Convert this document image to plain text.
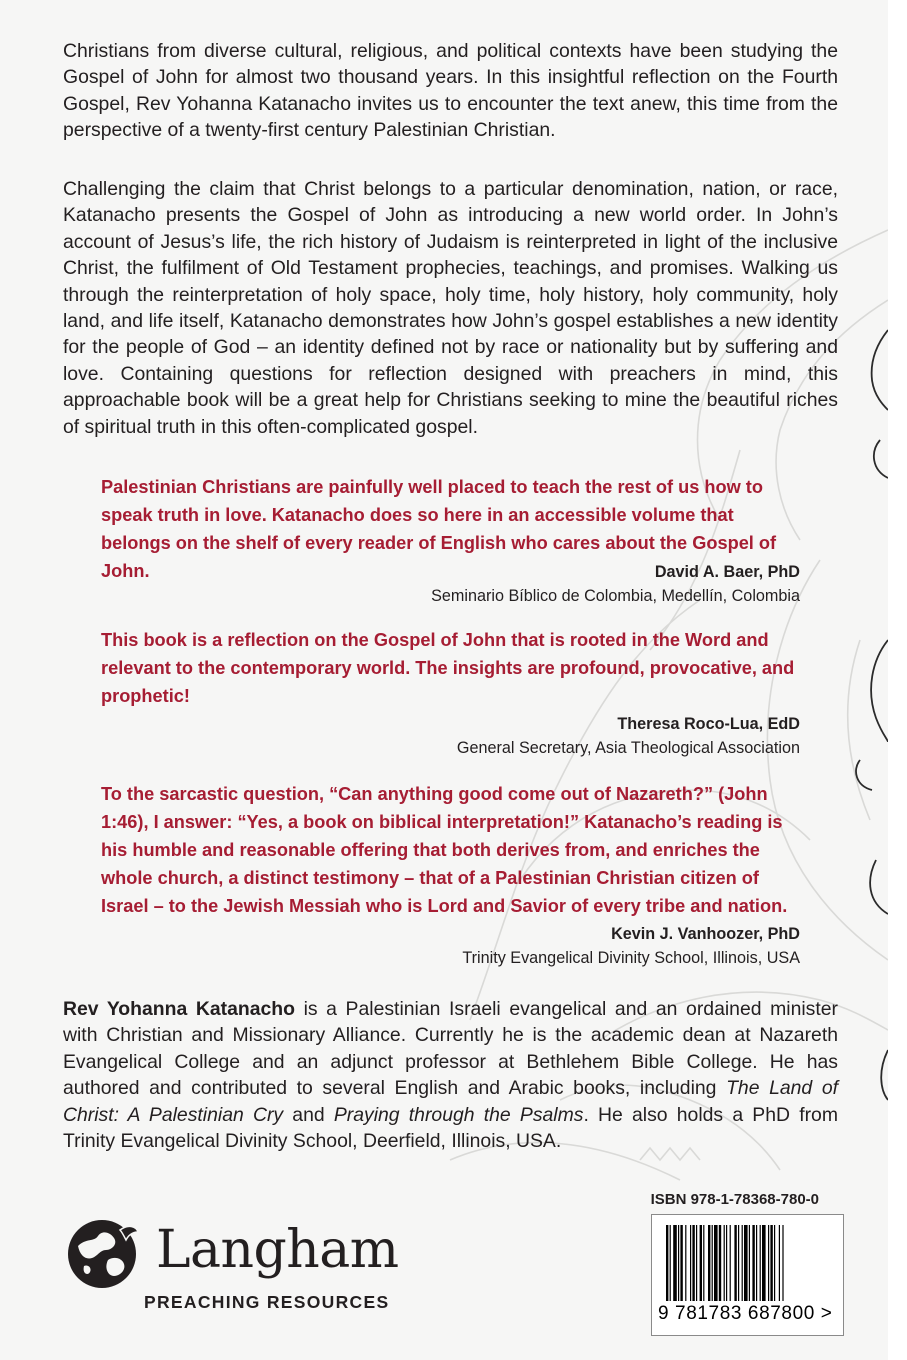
Christians from diverse cultural, religious, and political contexts have been studying the Gospel of John for almost two thousand years. In this insightful reflection on the Fourth Gospel, Rev Yohanna Katanacho invites us to encounter the text anew, this time from the perspective of a twenty-first century Palestinian Christian.

Challenging the claim that Christ belongs to a particular denomination, nation, or race, Katanacho presents the Gospel of John as introducing a new world order. In John’s account of Jesus’s life, the rich history of Judaism is reinterpreted in light of the inclusive Christ, the fulfilment of Old Testament prophecies, teachings, and promises. Walking us through the reinterpretation of holy space, holy time, holy history, holy community, holy land, and life itself, Katanacho demonstrates how John’s gospel establishes a new identity for the people of God – an identity defined not by race or nationality but by suffering and love. Containing questions for reflection designed with preachers in mind, this approachable book will be a great help for Christians seeking to mine the beautiful riches of spiritual truth in this often-complicated gospel.

Palestinian Christians are painfully well placed to teach the rest of us how to speak truth in love. Katanacho does so here in an accessible volume that belongs on the shelf of every reader of English who cares about the Gospel of John.	David A. Baer, PhD
Seminario Bíblico de Colombia, Medellín, Colombia

This book is a reflection on the Gospel of John that is rooted in the Word and relevant to the contemporary world. The insights are profound, provocative, and prophetic!

Theresa Roco-Lua, EdD
General Secretary, Asia Theological Association

To the sarcastic question, “Can anything good come out of Nazareth?” (John 1:46), I answer: “Yes, a book on biblical interpretation!” Katanacho’s reading is his humble and reasonable offering that both derives from, and enriches the whole church, a distinct testimony – that of a Palestinian Christian citizen of Israel – to the Jewish Messiah who is Lord and Savior of every tribe and nation.

Kevin J. Vanhoozer, PhD
Trinity Evangelical Divinity School, Illinois, USA

Rev Yohanna Katanacho is a Palestinian Israeli evangelical and an ordained minister with Christian and Missionary Alliance. Currently he is the academic dean at Nazareth Evangelical College and an adjunct professor at Bethlehem Bible College. He has authored and contributed to several English and Arabic books, including The Land of Christ: A Palestinian Cry and Praying through the Psalms. He also holds a PhD from Trinity Evangelical Divinity School, Deerfield, Illinois, USA.

Langham

PREACHING RESOURCES

ISBN 978-1-78368-780-0

9 781783 687800 >
